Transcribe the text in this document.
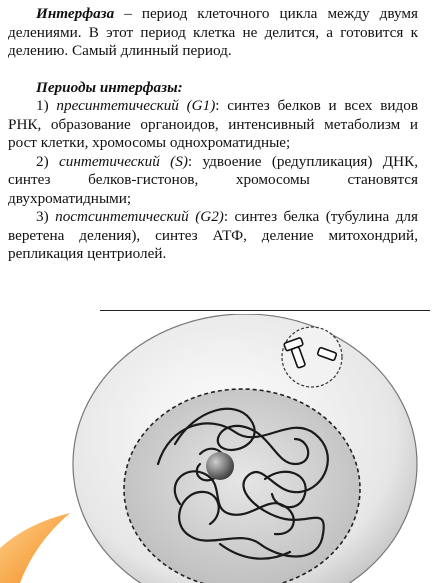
Интерфаза – период клеточного цикла между двумя делениями. В этот период клетка не делится, а готовится к делению. Самый длинный период.

Периоды интерфазы:

1) пресинтетический (G1): синтез белков и всех видов РНК, образование органоидов, интенсивный метаболизм и рост клетки, хромосомы однохроматидные;

2) синтетический (S): удвоение (редупликация) ДНК, синтез белков-гистонов, хромосомы становятся двухроматидными;

3) постсинтетический (G2): синтез белка (тубулина для веретена деления), синтез АТФ, деление митохондрий, репликация центриолей.
